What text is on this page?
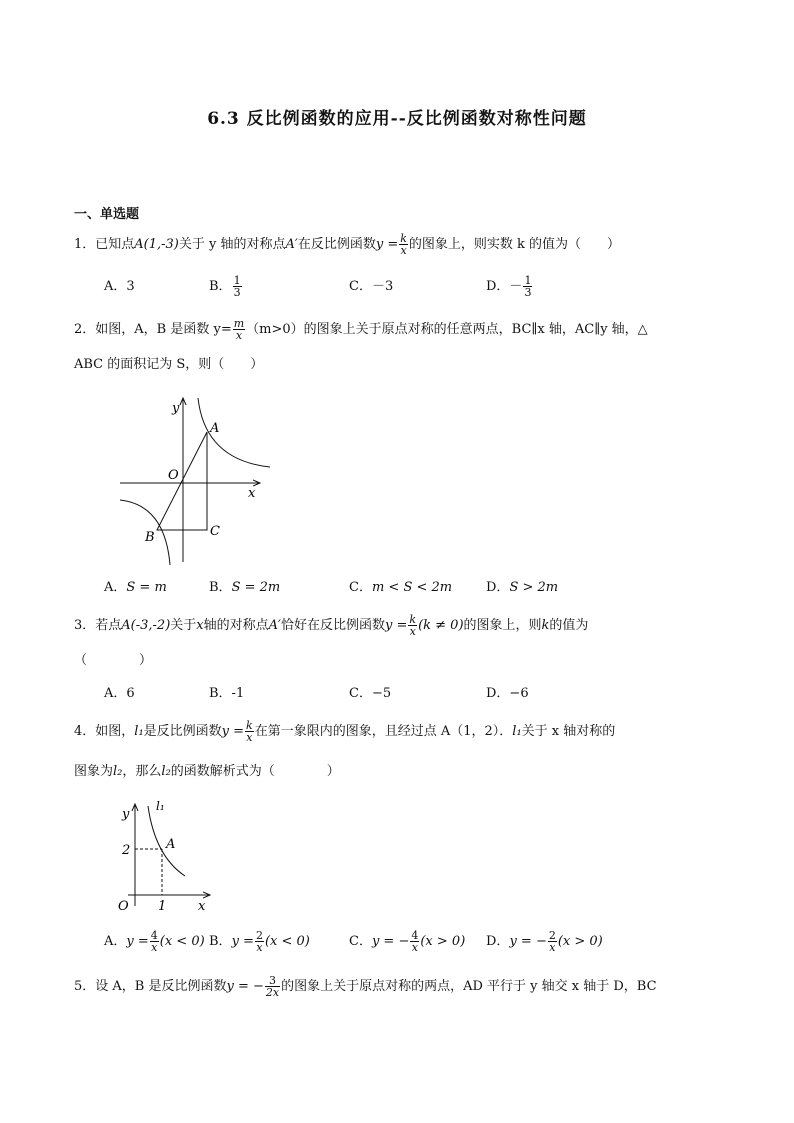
6.3 反比例函数的应用--反比例函数对称性问题
一、单选题
1．已知点A(1,-3)关于 y 轴的对称点A′在反比例函数$y = \frac{k}{x}$ 的图象上，则实数 k 的值为（　　）
A．3	B． $\frac{1}{3}$	C．－3	D．－ $\frac{1}{3}$
2．如图，A，B 是函数 $y= \frac{m}{x} (m>0)$的图象上关于原点对称的任意两点，BC∥x 轴，AC∥y 轴，△
ABC 的面积记为 S，则（　　）
y
x
O
A
B	C
A．S = m	B．S = 2m	C．m < S < 2m	D．S > 2m
3．若点A(-3,-2)关于x轴的对称点A′恰好在反比例函数$y = \frac{k}{x} (k \ne 0)$的图象上，则k的值为
（　　　　）
A．6	B．-1	C．−5	D．−6
4．如图，l₁是反比例函数$y = \frac{k}{x}$ 在第一象限内的图象，且经过点 A（1，2）．l₁关于 x 轴对称的
图象为l₂，那么l₂的函数解析式为（　　　　）
y
l₁
2	A
O 1 x
A．$y = \frac{4}{x} (x < 0)$ B．$y = \frac{2}{x} (x < 0)$	C．y = − $\frac{4}{x} (x > 0)$ D．y = − $\frac{2}{x} (x > 0)$
5．设 A，B 是反比例函数y = − $\frac{3}{2x}$ 的图象上关于原点对称的两点，AD 平行于 y 轴交 x 轴于 D，BC
